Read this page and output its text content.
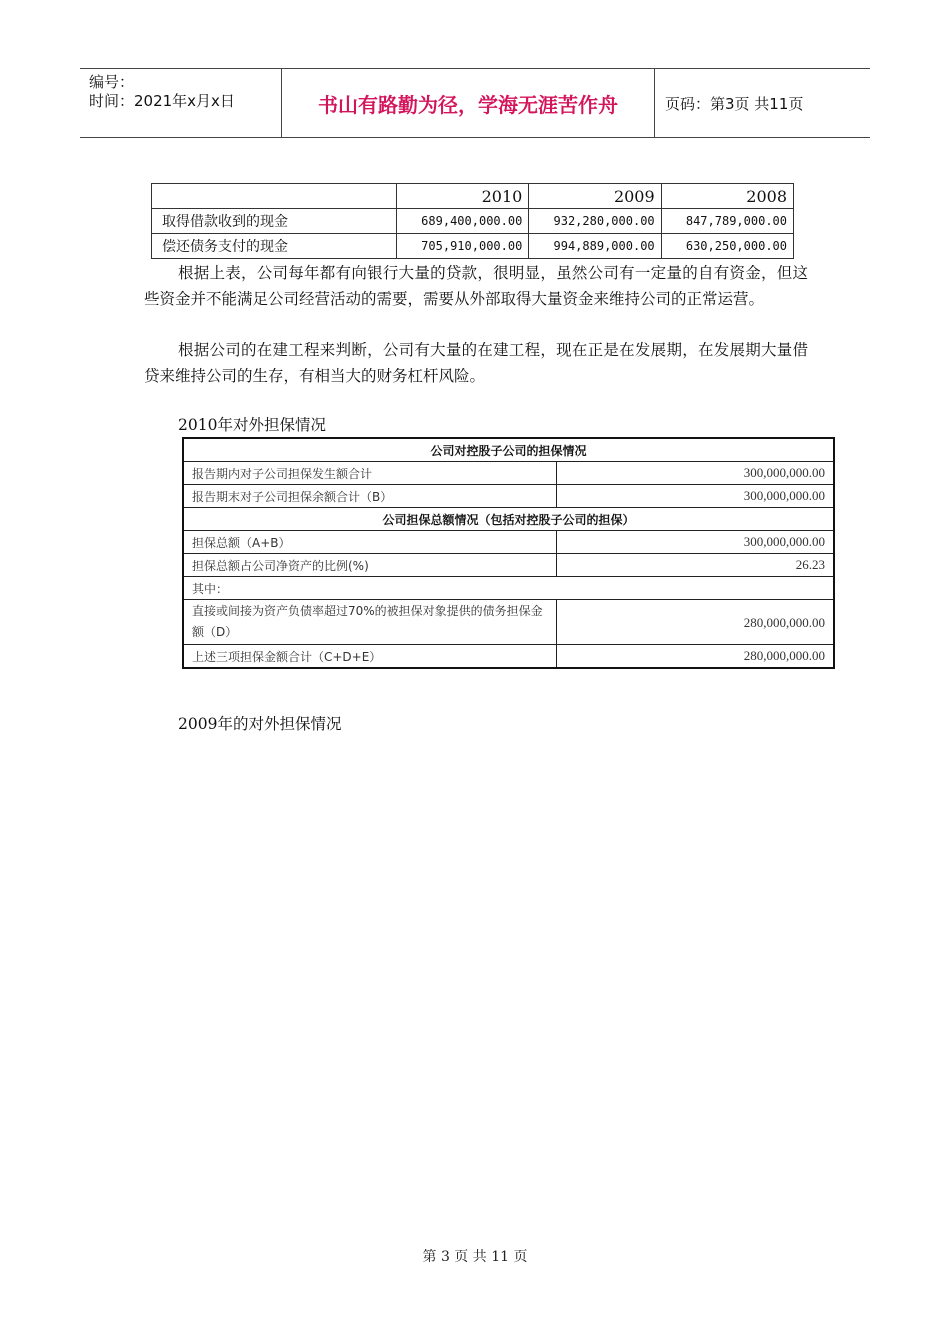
编号：
时间：2021年x月x日	书山有路勤为径，学海无涯苦作舟	页码：第3页 共11页
	2010	2009	2008
取得借款收到的现金	689,400,000.00	932,280,000.00	847,789,000.00
偿还债务支付的现金	705,910,000.00	994,889,000.00	630,250,000.00
根据上表，公司每年都有向银行大量的贷款，很明显，虽然公司有一定量的自有资金，但这些资金并不能满足公司经营活动的需要，需要从外部取得大量资金来维持公司的正常运营。
根据公司的在建工程来判断，公司有大量的在建工程，现在正是在发展期，在发展期大量借贷来维持公司的生存，有相当大的财务杠杆风险。
2010年对外担保情况
公司对控股子公司的担保情况	
报告期内对子公司担保发生额合计	300,000,000.00
报告期末对子公司担保余额合计（B）	300,000,000.00
公司担保总额情况（包括对控股子公司的担保）	
担保总额（A+B）	300,000,000.00
担保总额占公司净资产的比例(%)	26.23
其中：	
直接或间接为资产负债率超过70%的被担保对象提供的债务担保金额（D）	280,000,000.00
上述三项担保金额合计（C+D+E）	280,000,000.00
2009年的对外担保情况
第 3 页 共 11 页
